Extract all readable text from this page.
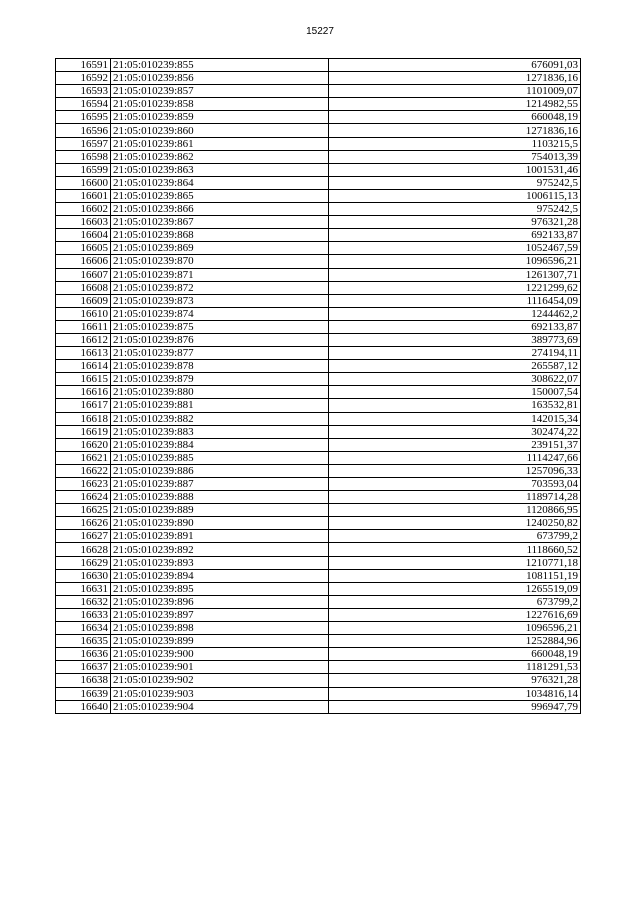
15227
16591	21:05:010239:855	676091,03
16592	21:05:010239:856	1271836,16
16593	21:05:010239:857	1101009,07
16594	21:05:010239:858	1214982,55
16595	21:05:010239:859	660048,19
16596	21:05:010239:860	1271836,16
16597	21:05:010239:861	1103215,5
16598	21:05:010239:862	754013,39
16599	21:05:010239:863	1001531,46
16600	21:05:010239:864	975242,5
16601	21:05:010239:865	1006115,13
16602	21:05:010239:866	975242,5
16603	21:05:010239:867	976321,28
16604	21:05:010239:868	692133,87
16605	21:05:010239:869	1052467,59
16606	21:05:010239:870	1096596,21
16607	21:05:010239:871	1261307,71
16608	21:05:010239:872	1221299,62
16609	21:05:010239:873	1116454,09
16610	21:05:010239:874	1244462,2
16611	21:05:010239:875	692133,87
16612	21:05:010239:876	389773,69
16613	21:05:010239:877	274194,11
16614	21:05:010239:878	265587,12
16615	21:05:010239:879	308622,07
16616	21:05:010239:880	150007,54
16617	21:05:010239:881	163532,81
16618	21:05:010239:882	142015,34
16619	21:05:010239:883	302474,22
16620	21:05:010239:884	239151,37
16621	21:05:010239:885	1114247,66
16622	21:05:010239:886	1257096,33
16623	21:05:010239:887	703593,04
16624	21:05:010239:888	1189714,28
16625	21:05:010239:889	1120866,95
16626	21:05:010239:890	1240250,82
16627	21:05:010239:891	673799,2
16628	21:05:010239:892	1118660,52
16629	21:05:010239:893	1210771,18
16630	21:05:010239:894	1081151,19
16631	21:05:010239:895	1265519,09
16632	21:05:010239:896	673799,2
16633	21:05:010239:897	1227616,69
16634	21:05:010239:898	1096596,21
16635	21:05:010239:899	1252884,96
16636	21:05:010239:900	660048,19
16637	21:05:010239:901	1181291,53
16638	21:05:010239:902	976321,28
16639	21:05:010239:903	1034816,14
16640	21:05:010239:904	996947,79
